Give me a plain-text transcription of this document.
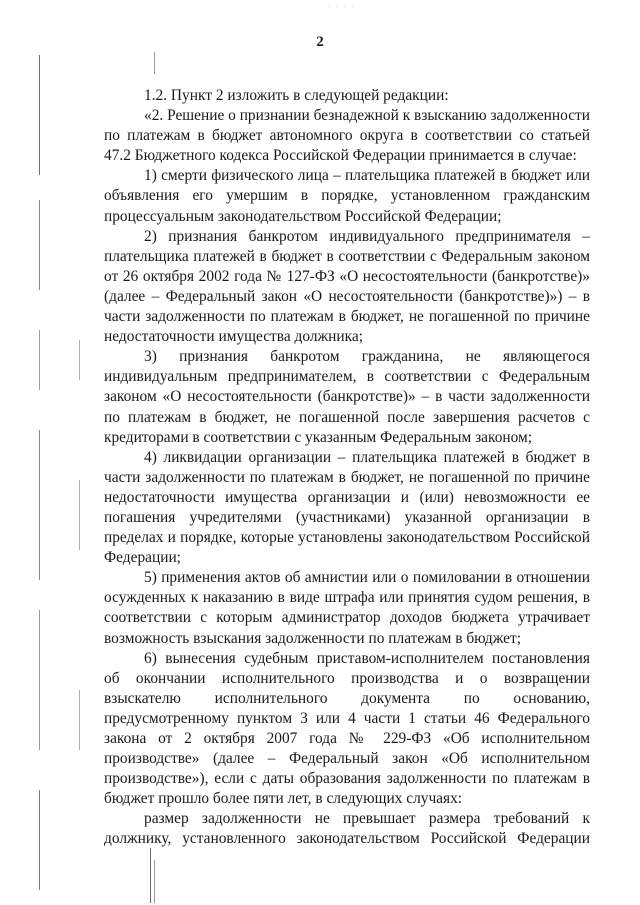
· · · ·
2

1.2. Пункт 2 изложить в следующей редакции:

«2. Решение о признании безнадежной к взысканию задолженности по платежам в бюджет автономного округа в соответствии со статьей 47.2 Бюджетного кодекса Российской Федерации принимается в случае:

1) смерти физического лица – плательщика платежей в бюджет или объявления его умершим в порядке, установленном гражданским процессуальным законодательством Российской Федерации;

2) признания банкротом индивидуального предпринимателя – плательщика платежей в бюджет в соответствии с Федеральным законом от 26 октября 2002 года № 127-ФЗ «О несостоятельности (банкротстве)» (далее – Федеральный закон «О несостоятельности (банкротстве)») – в части задолженности по платежам в бюджет, не погашенной по причине недостаточности имущества должника;

3) признания банкротом гражданина, не являющегося индивидуальным предпринимателем, в соответствии с Федеральным законом «О несостоятельности (банкротстве)» – в части задолженности по платежам в бюджет, не погашенной после завершения расчетов с кредиторами в соответствии с указанным Федеральным законом;

4) ликвидации организации – плательщика платежей в бюджет в части задолженности по платежам в бюджет, не погашенной по причине недостаточности имущества организации и (или) невозможности ее погашения учредителями (участниками) указанной организации в пределах и порядке, которые установлены законодательством Российской Федерации;

5) применения актов об амнистии или о помиловании в отношении осужденных к наказанию в виде штрафа или принятия судом решения, в соответствии с которым администратор доходов бюджета утрачивает возможность взыскания задолженности по платежам в бюджет;

6) вынесения судебным приставом-исполнителем постановления об окончании исполнительного производства и о возвращении взыскателю исполнительного документа по основанию, предусмотренному пунктом 3 или 4 части 1 статьи 46 Федерального закона от 2 октября 2007 года № 229-ФЗ «Об исполнительном производстве» (далее – Федеральный закон «Об исполнительном производстве»), если с даты образования задолженности по платежам в бюджет прошло более пяти лет, в следующих случаях:

размер задолженности не превышает размера требований к должнику, установленного законодательством Российской Федерации
